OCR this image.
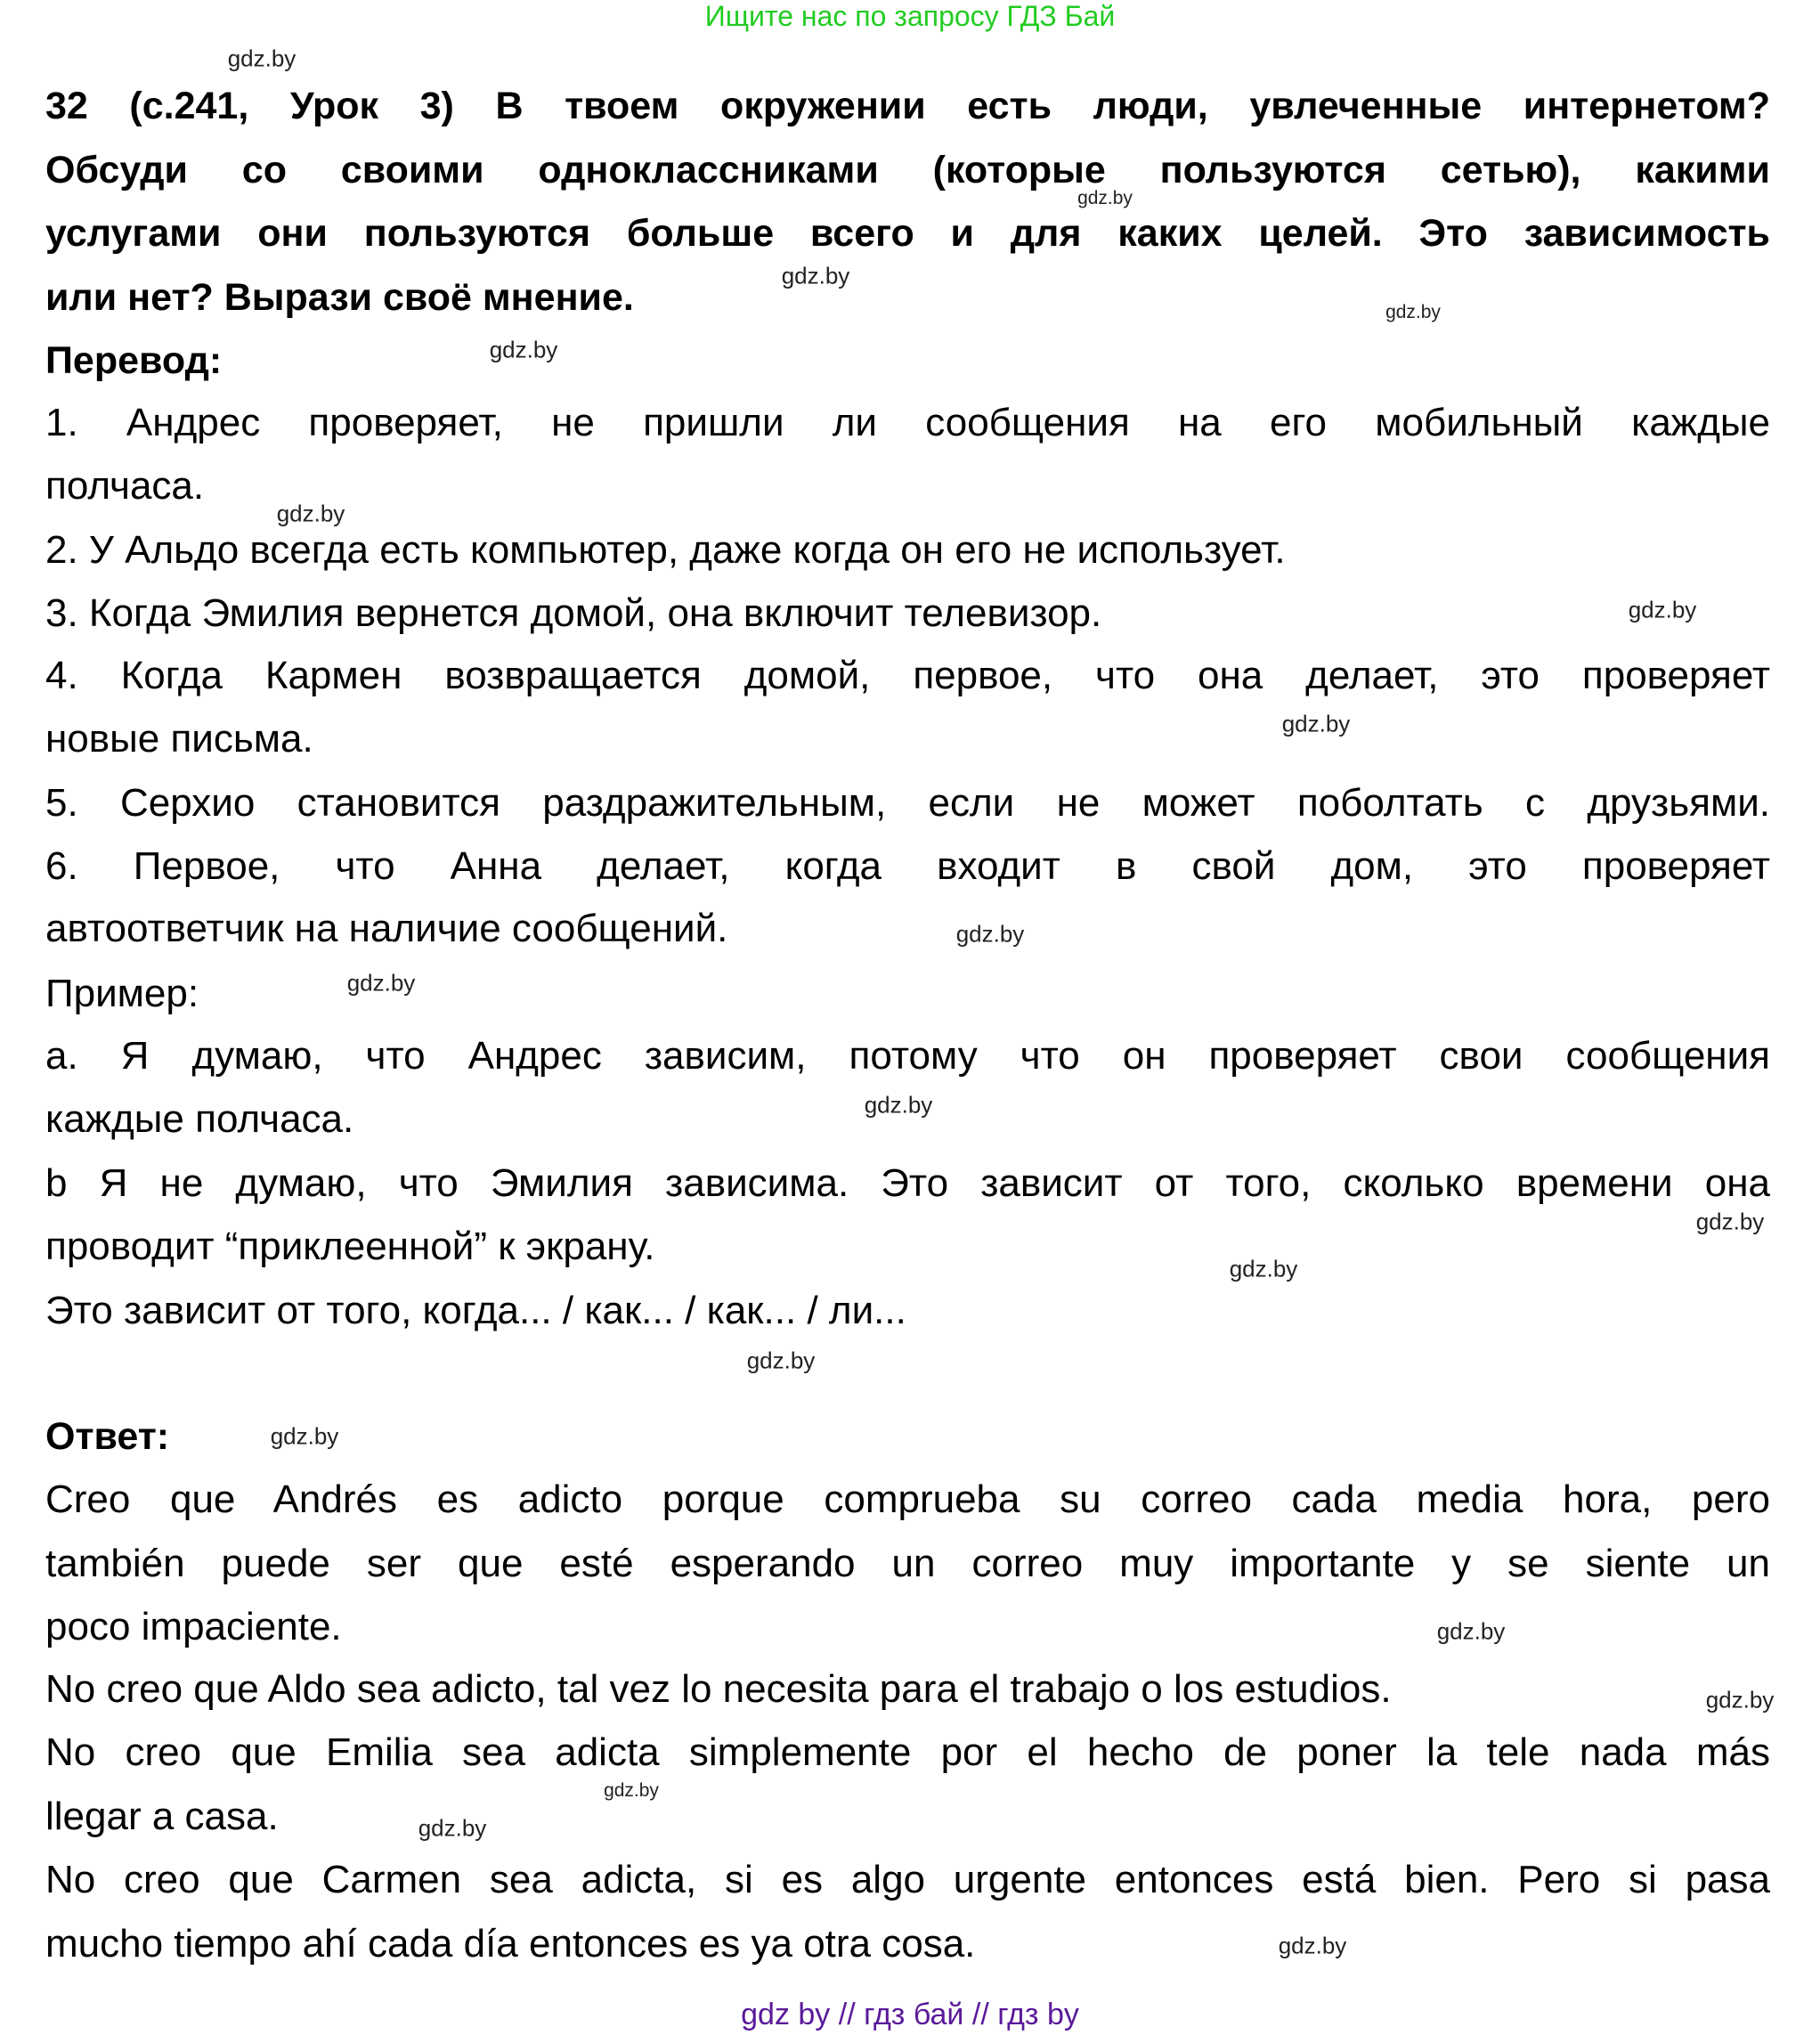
Ищите нас по запросу ГДЗ Бай
32 (с.241, Урок 3) В твоем окружении есть люди, увлеченные интернетом?
Обсуди со своими одноклассниками (которые пользуются сетью), какими
услугами они пользуются больше всего и для каких целей. Это зависимость
или нет? Вырази своё мнение.
Перевод:
1. Андрес проверяет, не пришли ли сообщения на его мобильный каждые
полчаса.
2. У Альдо всегда есть компьютер, даже когда он его не использует.
3. Когда Эмилия вернется домой, она включит телевизор.
4. Когда Кармен возвращается домой, первое, что она делает, это проверяет
новые письма.
5. Серхио становится раздражительным, если не может поболтать с друзьями.
6. Первое, что Анна делает, когда входит в свой дом, это проверяет
автоответчик на наличие сообщений.
Пример:
a. Я думаю, что Андрес зависим, потому что он проверяет свои сообщения
каждые полчаса.
b Я не думаю, что Эмилия зависима. Это зависит от того, сколько времени она
проводит “приклеенной” к экрану.
Это зависит от того, когда... / как... / как... / ли...
Ответ:
Creo que Andrés es adicto porque comprueba su correo cada media hora, pero
también puede ser que esté esperando un correo muy importante y se siente un
poco impaciente.
No creo que Aldo sea adicto, tal vez lo necesita para el trabajo o los estudios.
No creo que Emilia sea adicta simplemente por el hecho de poner la tele nada más
llegar a casa.
No creo que Carmen sea adicta, si es algo urgente entonces está bien. Pero si pasa
mucho tiempo ahí cada día entonces es ya otra cosa.
gdz.by
gdz.by
gdz.by
gdz.by
gdz.by
gdz.by
gdz.by
gdz.by
gdz.by
gdz.by
gdz.by
gdz.by
gdz.by
gdz.by
gdz.by
gdz.by
gdz.by
gdz.by
gdz.by
gdz.by
gdz by // гдз бай // гдз by
